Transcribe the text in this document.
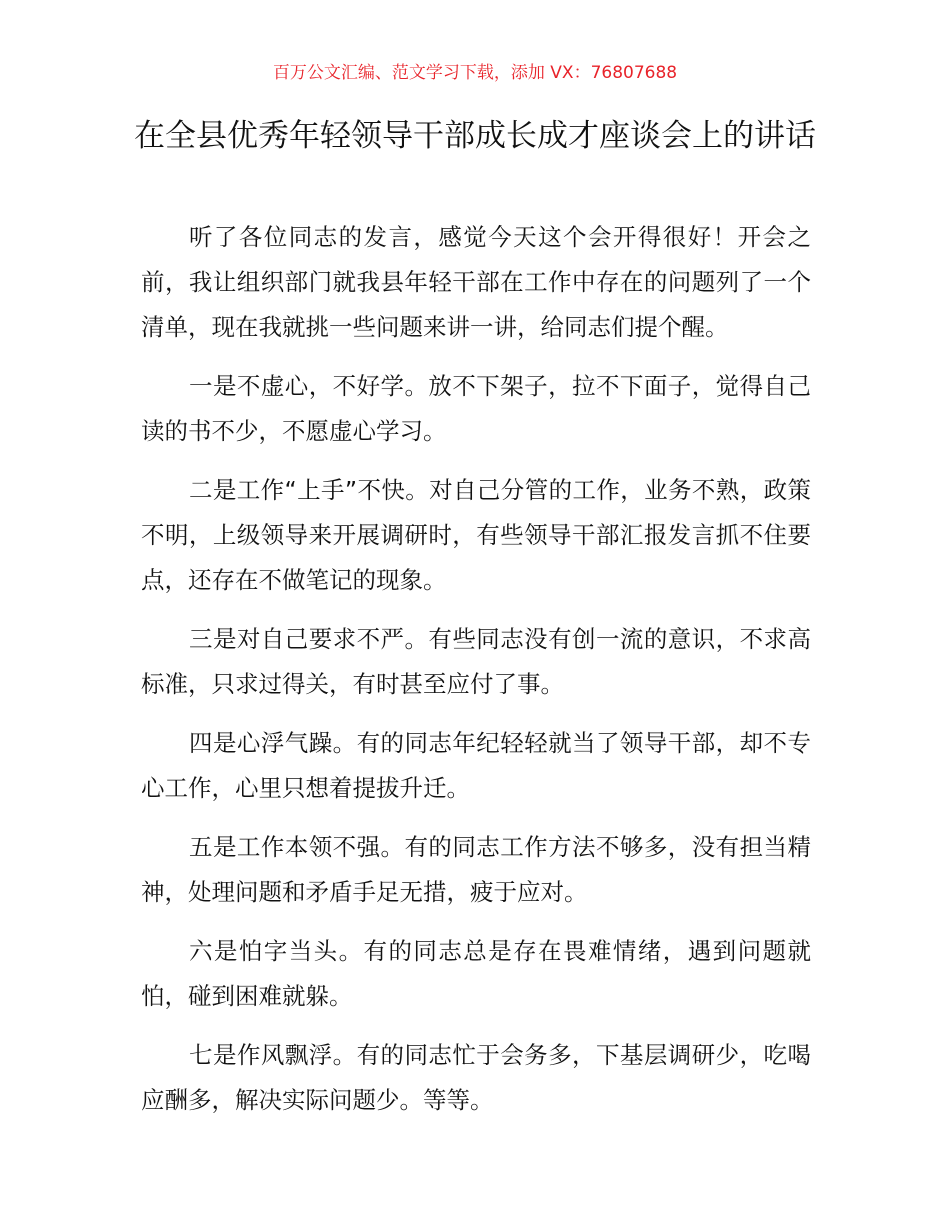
百万公文汇编、范文学习下载，添加 VX：76807688
在全县优秀年轻领导干部成长成才座谈会上的讲话

听了各位同志的发言，感觉今天这个会开得很好！开会之前，我让组织部门就我县年轻干部在工作中存在的问题列了一个清单，现在我就挑一些问题来讲一讲，给同志们提个醒。

一是不虚心，不好学。放不下架子，拉不下面子，觉得自己读的书不少，不愿虚心学习。

二是工作“上手”不快。对自己分管的工作，业务不熟，政策不明，上级领导来开展调研时，有些领导干部汇报发言抓不住要点，还存在不做笔记的现象。

三是对自己要求不严。有些同志没有创一流的意识，不求高标准，只求过得关，有时甚至应付了事。

四是心浮气躁。有的同志年纪轻轻就当了领导干部，却不专心工作，心里只想着提拔升迁。

五是工作本领不强。有的同志工作方法不够多，没有担当精神，处理问题和矛盾手足无措，疲于应对。

六是怕字当头。有的同志总是存在畏难情绪，遇到问题就怕，碰到困难就躲。

七是作风飘浮。有的同志忙于会务多，下基层调研少，吃喝应酬多，解决实际问题少。等等。
